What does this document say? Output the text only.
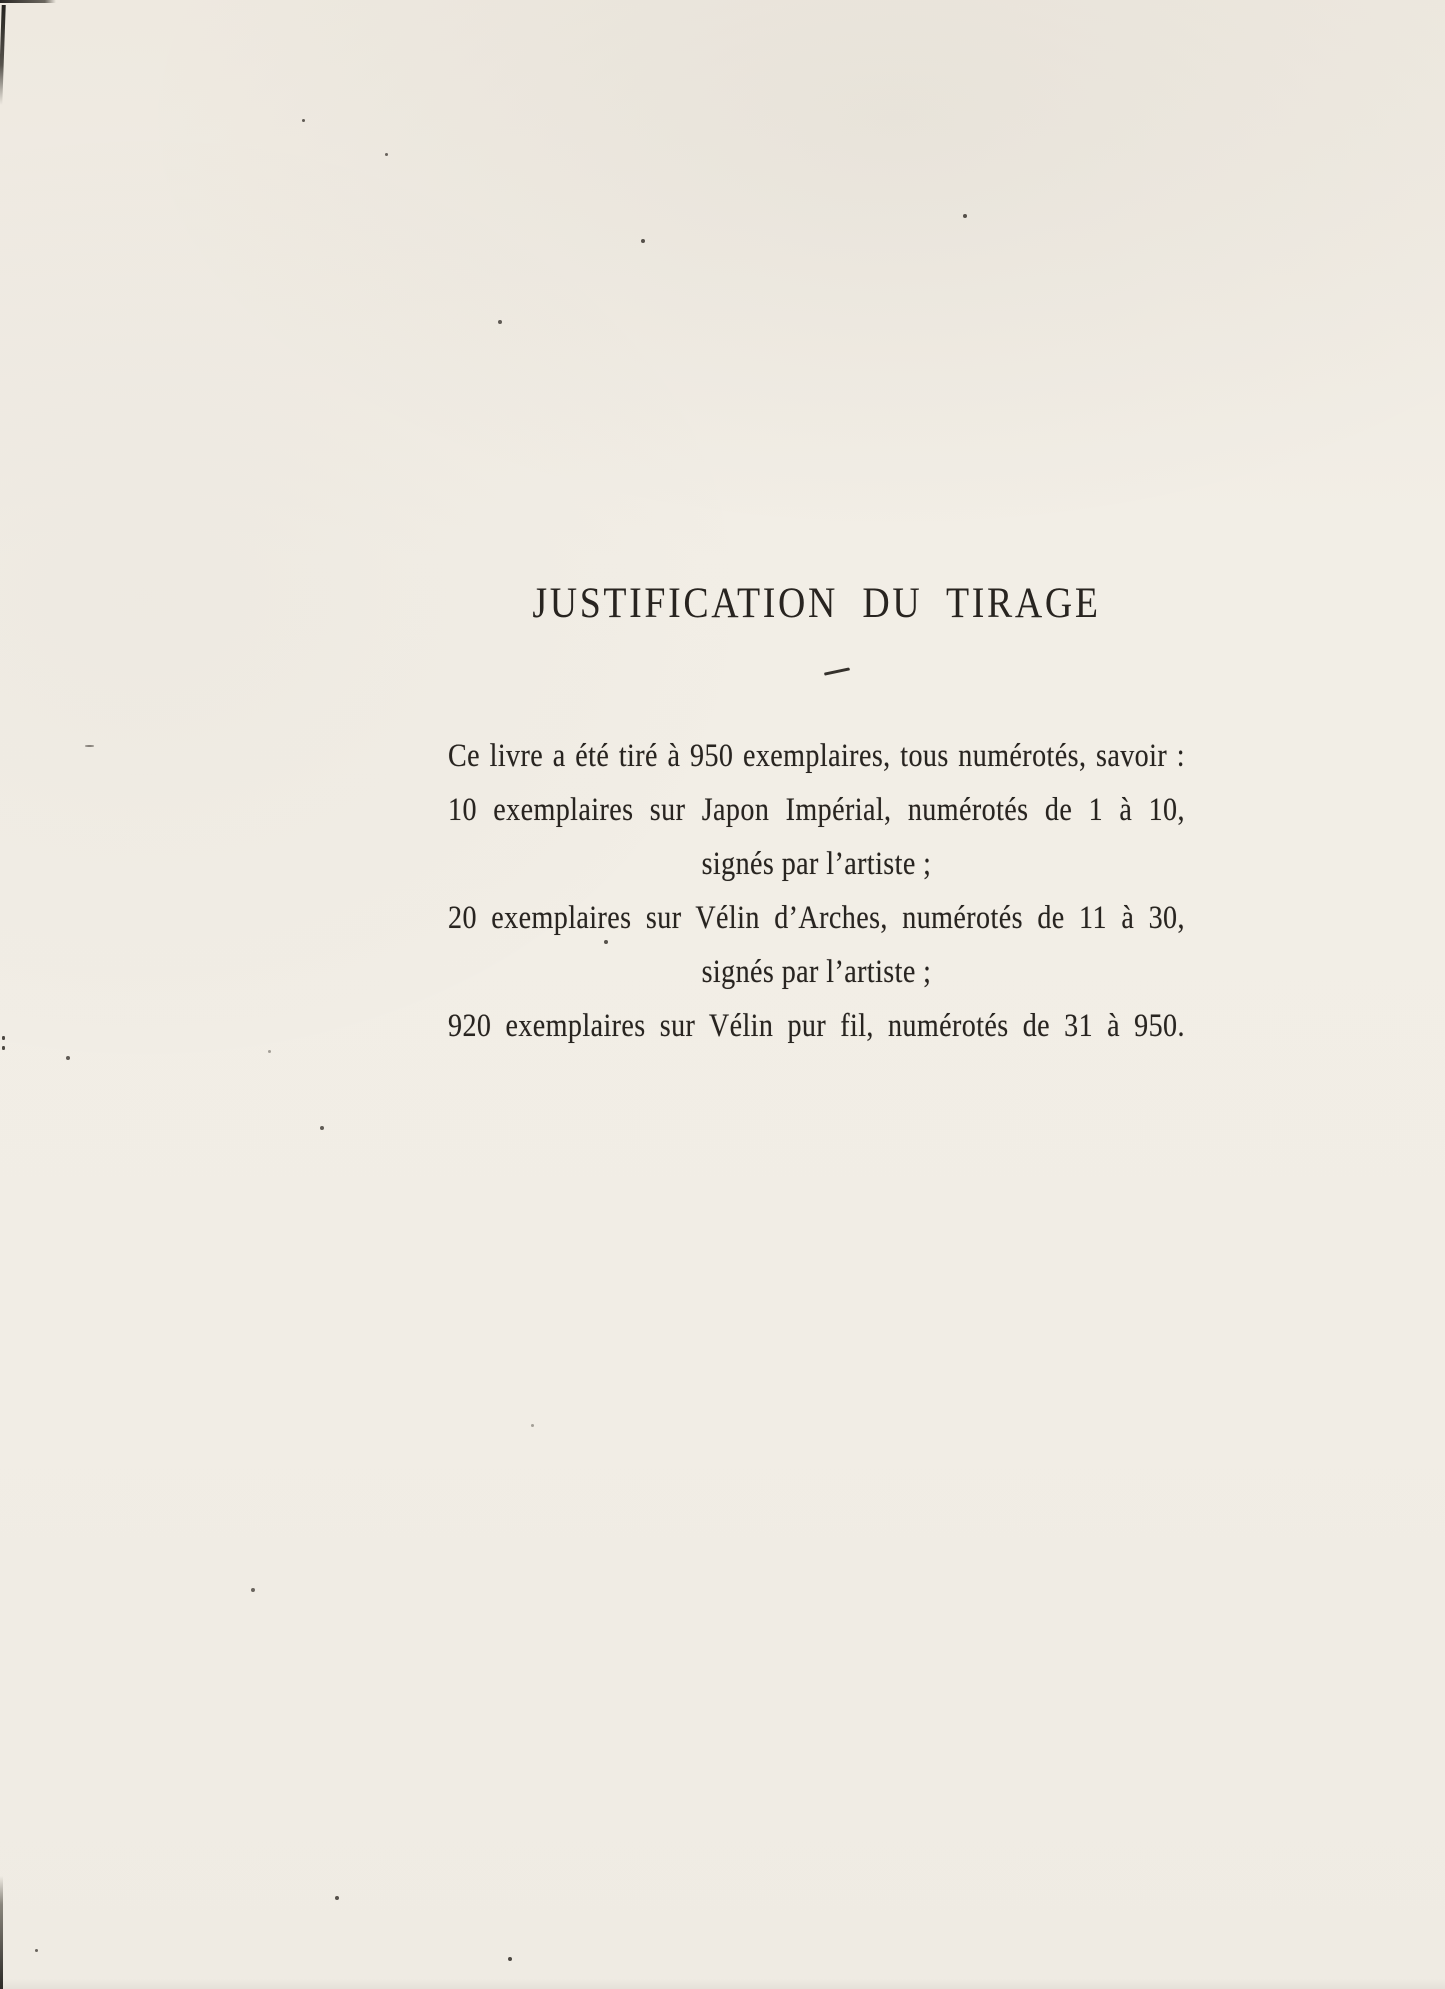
JUSTIFICATION DU TIRAGE
Ce livre a été tiré à 950 exemplaires, tous numérotés, savoir :
10 exemplaires sur Japon Impérial, numérotés de 1 à 10,
signés par l’artiste ;
20 exemplaires sur Vélin d’Arches, numérotés de 11 à 30,
signés par l’artiste ;
920 exemplaires sur Vélin pur fil, numérotés de 31 à 950.
